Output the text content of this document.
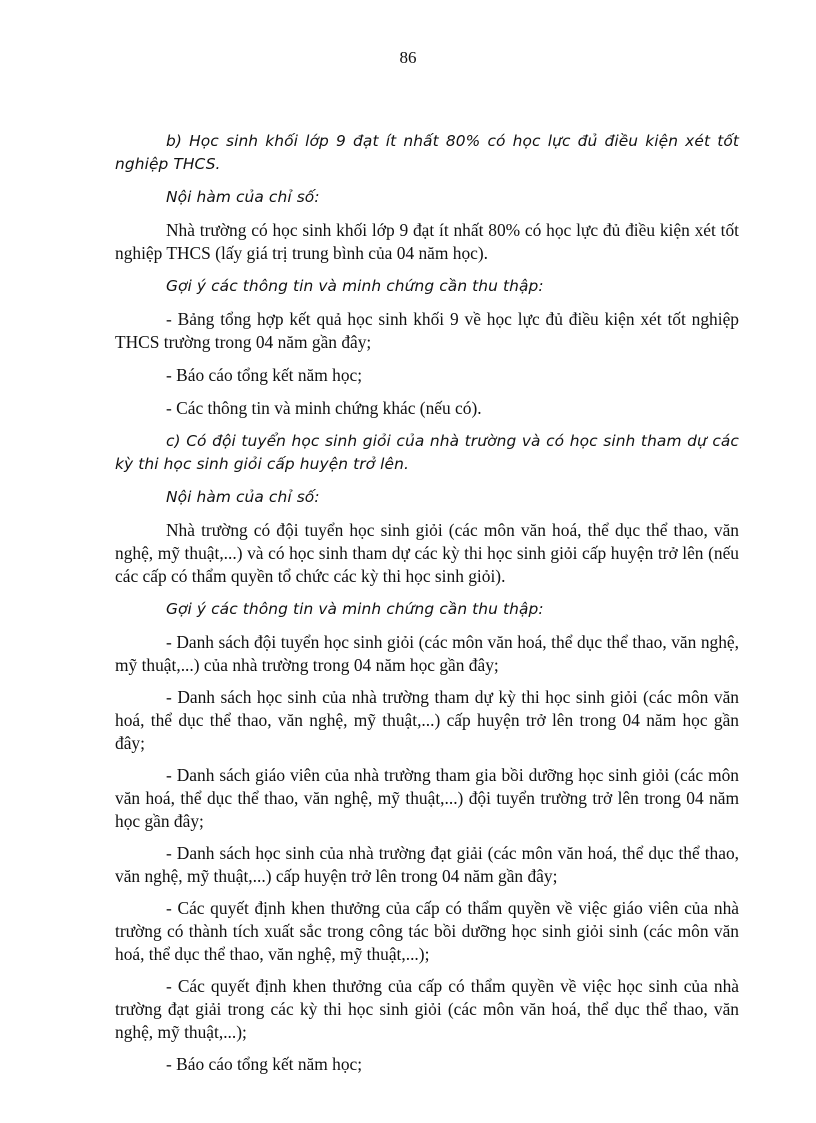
86

b) Học sinh khối lớp 9 đạt ít nhất 80% có học lực đủ điều kiện xét tốt nghiệp THCS.

Nội hàm của chỉ số:

Nhà trường có học sinh khối lớp 9 đạt ít nhất 80% có học lực đủ điều kiện xét tốt nghiệp THCS (lấy giá trị trung bình của 04 năm học).

Gợi ý các thông tin và minh chứng cần thu thập:

- Bảng tổng hợp kết quả học sinh khối 9 về học lực đủ điều kiện xét tốt nghiệp THCS trường trong 04 năm gần đây;

- Báo cáo tổng kết năm học;

- Các thông tin và minh chứng khác (nếu có).

c) Có đội tuyển học sinh giỏi của nhà trường và có học sinh tham dự các kỳ thi học sinh giỏi cấp huyện trở lên.

Nội hàm của chỉ số:

Nhà trường có đội tuyển học sinh giỏi (các môn văn hoá, thể dục thể thao, văn nghệ, mỹ thuật,...) và có học sinh tham dự các kỳ thi học sinh giỏi cấp huyện trở lên (nếu các cấp có thẩm quyền tổ chức các kỳ thi học sinh giỏi).

Gợi ý các thông tin và minh chứng cần thu thập:

- Danh sách đội tuyển học sinh giỏi (các môn văn hoá, thể dục thể thao, văn nghệ, mỹ thuật,...) của nhà trường trong 04 năm học gần đây;

- Danh sách học sinh của nhà trường tham dự kỳ thi học sinh giỏi (các môn văn hoá, thể dục thể thao, văn nghệ, mỹ thuật,...) cấp huyện trở lên trong 04 năm học gần đây;

- Danh sách giáo viên của nhà trường tham gia bồi dưỡng học sinh giỏi (các môn văn hoá, thể dục thể thao, văn nghệ, mỹ thuật,...) đội tuyển trường trở lên trong 04 năm học gần đây;

- Danh sách học sinh của nhà trường đạt giải (các môn văn hoá, thể dục thể thao, văn nghệ, mỹ thuật,...) cấp huyện trở lên trong 04 năm gần đây;

- Các quyết định khen thưởng của cấp có thẩm quyền về việc giáo viên của nhà trường có thành tích xuất sắc trong công tác bồi dưỡng học sinh giỏi sinh (các môn văn hoá, thể dục thể thao, văn nghệ, mỹ thuật,...);

- Các quyết định khen thưởng của cấp có thẩm quyền về việc học sinh của nhà trường đạt giải trong các kỳ thi học sinh giỏi (các môn văn hoá, thể dục thể thao, văn nghệ, mỹ thuật,...);

- Báo cáo tổng kết năm học;
